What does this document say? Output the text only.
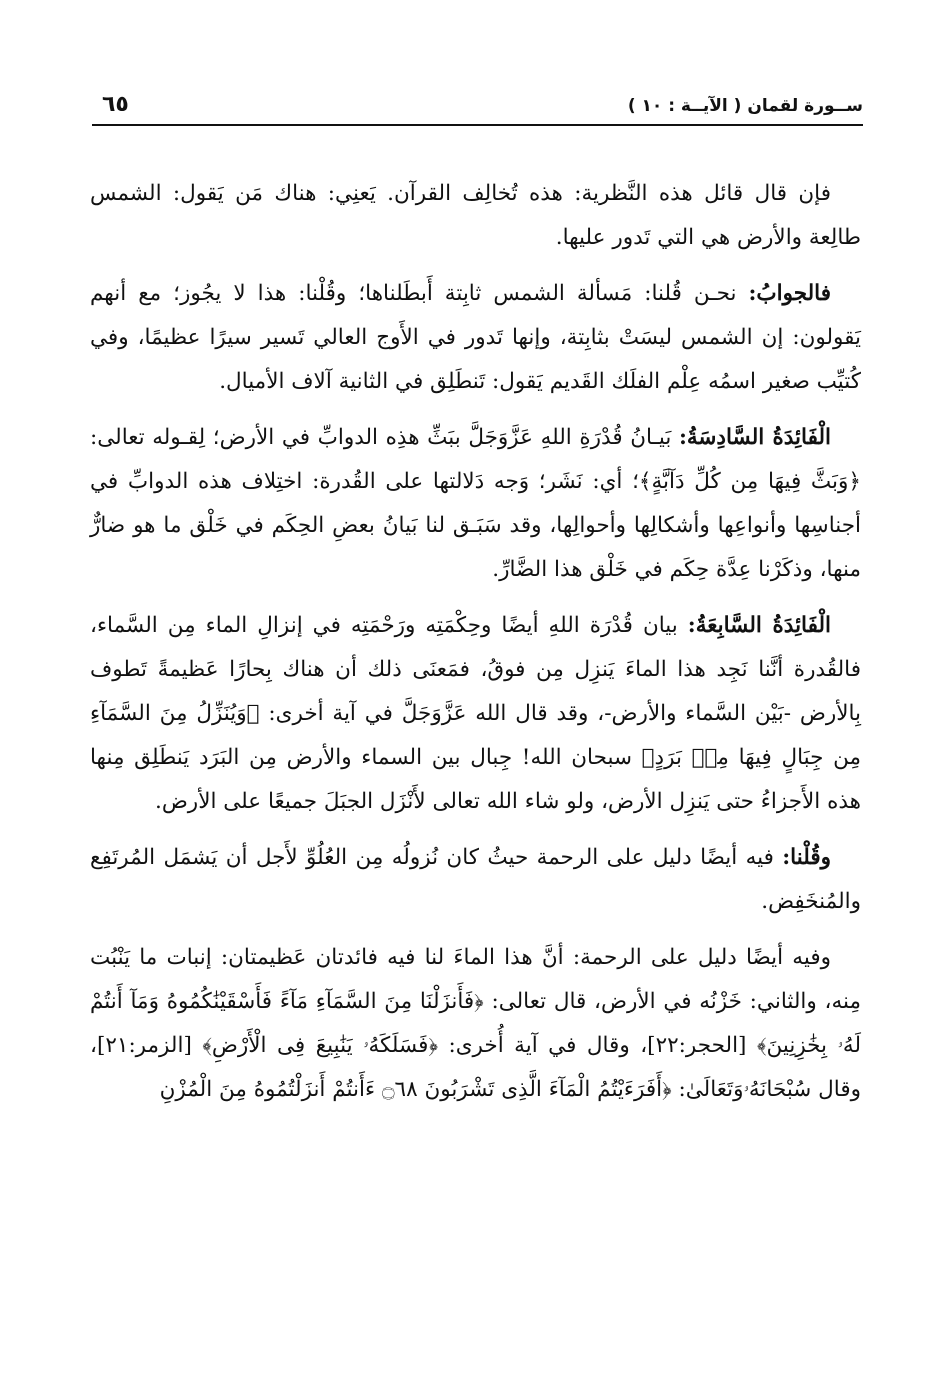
ســورة لقمان ( الآيــة : ١٠ )
٦٥

فإن قال قائل هذه النَّظرية: هذه تُخالِف القرآن. يَعنِي: هناك مَن يَقول: الشمس طالِعة والأرض هي التي تَدور عليها.

فالجوابُ: نحـن قُلنا: مَسألة الشمس ثابِتة أَبطَلناها؛ وقُلْنا: هذا لا يجُوز؛ مع أنهم يَقولون: إن الشمس ليسَتْ بثابِتة، وإنها تَدور في الأَوج العالي تَسير سيرًا عظيمًا، وفي كُتيِّب صغير اسمُه عِلْم الفلَك القَديم يَقول: تَنطَلِق في الثانية آلاف الأميال.

الْفَائِدَةُ السَّادِسَةُ: بَيـانُ قُدْرَةِ اللهِ عَزَّوَجَلَّ ببَثِّ هذِه الدوابِّ في الأرض؛ لِقـوله تعالى: ﴿وَبَثَّ فِيهَا مِن كُلِّ دَآبَّةٍ﴾؛ أي: نَشَر؛ وَجه دَلالتها على القُدرة: اختِلاف هذه الدوابِّ في أجناسِها وأنواعِها وأشكالِها وأحوالِها، وقد سَبَـق لنا بَيانُ بعضِ الحِكَم في خَلْق ما هو ضارٌّ منها، وذكَرْنا عِدَّة حِكَم في خَلْق هذا الضَّارِّ.

الْفَائِدَةُ السَّابِعَةُ: بيان قُدْرَة اللهِ أيضًا وحِكْمَتِه ورَحْمَتِه في إنزالِ الماء مِن السَّماء، فالقُدرة أنَّنا نَجِد هذا الماءَ يَنزِل مِن فوقُ، فمَعنَى ذلك أن هناك بِحارًا عَظيمةً تَطوف بِالأرض -بَيْن السَّماء والأرض-، وقد قال الله عَزَّوَجَلَّ في آية أخرى: ﴿وَيُنَزِّلُ مِنَ السَّمَآءِ مِن جِبَالٍ فِيهَا مِنۢ بَرَدٍ﴾ سبحان الله! جِبال بين السماء والأرض مِن البَرَد يَنطَلِق مِنها هذه الأَجزاءُ حتى يَنزِل الأرض، ولو شاء الله تعالى لأَنْزَل الجبَلَ جميعًا على الأرض.

وقُلْنا: فيه أيضًا دليل على الرحمة حيثُ كان نُزولُه مِن العُلُوِّ لأَجل أن يَشمَل المُرتَفِع والمُنخَفِض.

وفيه أيضًا دليل على الرحمة: أنَّ هذا الماءَ لنا فيه فائدتان عَظيمتان: إنبات ما يَنْبُت مِنه، والثاني: خَزْنُه في الأرض، قال تعالى: ﴿فَأَنزَلْنَا مِنَ السَّمَآءِ مَآءً فَأَسْقَيْنَٰكُمُوهُ وَمَآ أَنتُمْ لَهُۥ بِخَٰزِنِينَ﴾ [الحجر:٢٢]، وقال في آية أُخرى: ﴿فَسَلَكَهُۥ يَنَٰبِيعَ فِى الْأَرْضِ﴾ [الزمر:٢١]، وقال سُبْحَانَهُۥوَتَعَالَىٰ: ﴿أَفَرَءَيْتُمُ الْمَآءَ الَّذِى تَشْرَبُونَ ۝٦٨ ءَأَنتُمْ أَنزَلْتُمُوهُ مِنَ الْمُزْنِ
